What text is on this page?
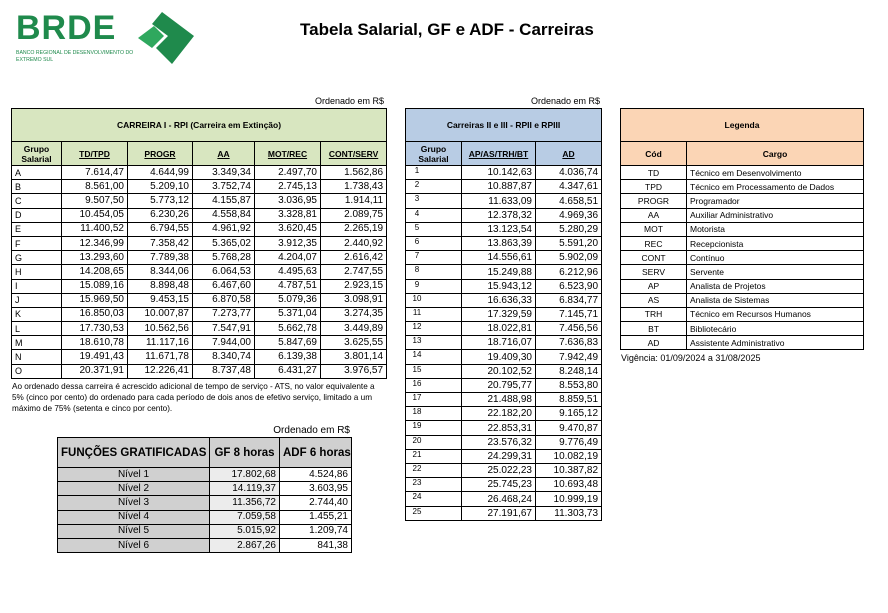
BRDE
BANCO REGIONAL DE DESENVOLVIMENTO DO EXTREMO SUL
Tabela Salarial, GF e ADF - Carreiras
Ordenado em R$
CARREIRA I - RPI (Carreira em Extinção)					
Grupo Salarial	TD/TPD	PROGR	AA	MOT/REC	CONT/SERV
A	7.614,47	4.644,99	3.349,34	2.497,70	1.562,86
B	8.561,00	5.209,10	3.752,74	2.745,13	1.738,43
C	9.507,50	5.773,12	4.155,87	3.036,95	1.914,11
D	10.454,05	6.230,26	4.558,84	3.328,81	2.089,75
E	11.400,52	6.794,55	4.961,92	3.620,45	2.265,19
F	12.346,99	7.358,42	5.365,02	3.912,35	2.440,92
G	13.293,60	7.789,38	5.768,28	4.204,07	2.616,42
H	14.208,65	8.344,06	6.064,53	4.495,63	2.747,55
I	15.089,16	8.898,48	6.467,60	4.787,51	2.923,15
J	15.969,50	9.453,15	6.870,58	5.079,36	3.098,91
K	16.850,03	10.007,87	7.273,77	5.371,04	3.274,35
L	17.730,53	10.562,56	7.547,91	5.662,78	3.449,89
M	18.610,78	11.117,16	7.944,00	5.847,69	3.625,55
N	19.491,43	11.671,78	8.340,74	6.139,38	3.801,14
O	20.371,91	12.226,41	8.737,48	6.431,27	3.976,57
Ao ordenado dessa carreira é acrescido adicional de tempo de serviço - ATS, no valor equivalente a 5% (cinco por cento) do ordenado para cada período de dois anos de efetivo serviço, limitado a um máximo de 75% (setenta e cinco por cento).
Ordenado em R$
Carreiras II e III - RPII e RPIII		
Grupo Salarial	AP/AS/TRH/BT	AD
1	10.142,63	4.036,74
2	10.887,87	4.347,61
3	11.633,09	4.658,51
4	12.378,32	4.969,36
5	13.123,54	5.280,29
6	13.863,39	5.591,20
7	14.556,61	5.902,09
8	15.249,88	6.212,96
9	15.943,12	6.523,90
10	16.636,33	6.834,77
11	17.329,59	7.145,71
12	18.022,81	7.456,56
13	18.716,07	7.636,83
14	19.409,30	7.942,49
15	20.102,52	8.248,14
16	20.795,77	8.553,80
17	21.488,98	8.859,51
18	22.182,20	9.165,12
19	22.853,31	9.470,87
20	23.576,32	9.776,49
21	24.299,31	10.082,19
22	25.022,23	10.387,82
23	25.745,23	10.693,48
24	26.468,24	10.999,19
25	27.191,67	11.303,73
Legenda	
Cód	Cargo
TD	Técnico em Desenvolvimento
TPD	Técnico em Processamento de Dados
PROGR	Programador
AA	Auxiliar Administrativo
MOT	Motorista
REC	Recepcionista
CONT	Contínuo
SERV	Servente
AP	Analista de Projetos
AS	Analista de Sistemas
TRH	Técnico em Recursos Humanos
BT	Bibliotecário
AD	Assistente Administrativo
Vigência: 01/09/2024 a 31/08/2025
Ordenado em R$
FUNÇÕES GRATIFICADAS	GF 8 horas	ADF 6 horas
Nível 1	17.802,68	4.524,86
Nível 2	14.119,37	3.603,95
Nível 3	11.356,72	2.744,40
Nível 4	7.059,58	1.455,21
Nível 5	5.015,92	1.209,74
Nível 6	2.867,26	841,38
